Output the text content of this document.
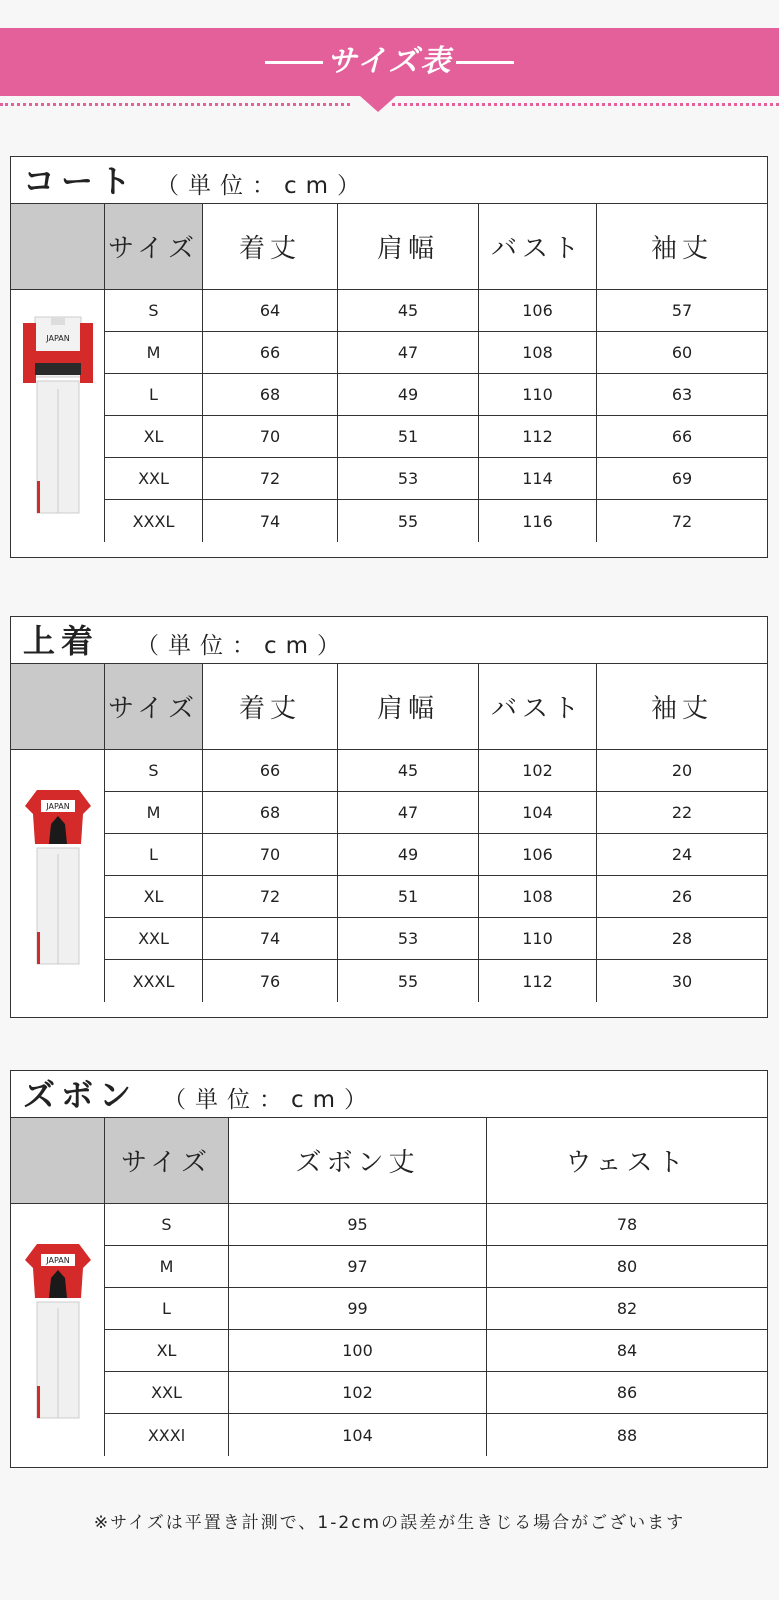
サイズ表
コート （単位：cm）
サイズ	着丈	肩幅	バスト	袖丈
JAPAN
S	64	45	106	57
M	66	47	108	60
L	68	49	110	63
XL	70	51	112	66
XXL	72	53	114	69
XXXL	74	55	116	72
上着 （単位：cm）
サイズ	着丈	肩幅	バスト	袖丈
JAPAN
S	66	45	102	20
M	68	47	104	22
L	70	49	106	24
XL	72	51	108	26
XXL	74	53	110	28
XXXL	76	55	112	30
ズボン （単位：cm）
サイズ	ズボン丈	ウェスト
JAPAN
S	95	78
M	97	80
L	99	82
XL	100	84
XXL	102	86
XXXl	104	88
※サイズは平置き計測で、1-2cmの誤差が生きじる場合がございます
